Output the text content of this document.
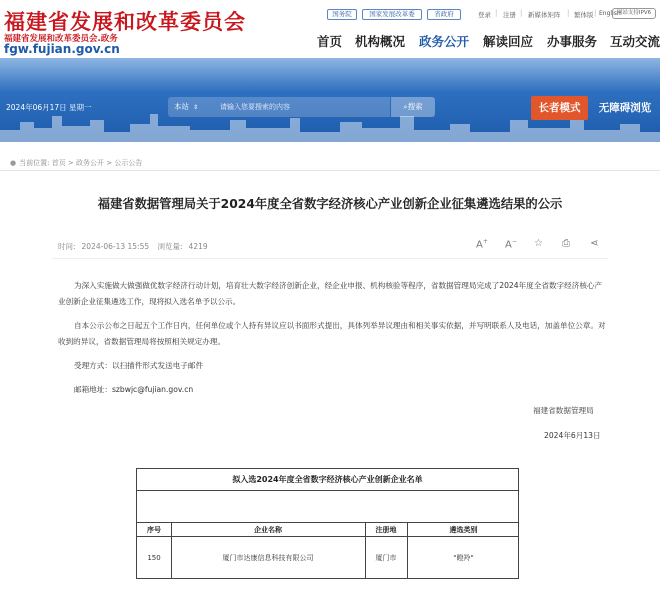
福建省发展和改革委员会
福建省发展和改革委员会.政务
fgw.fujian.gov.cn
国务院	国家发展改革委	省政府	登录 | 注册 | 新媒体矩阵 | 繁体版 | English
网站支持IPV6
首页 机构概况 政务公开 解读回应 办事服务 互动交流
2024年06月17日 星期一	本站 ⇕	请输入您要搜索的内容	⌕搜索	长者模式	无障碍浏览
● 当前位置: 首页 > 政务公开 > 公示公告
福建省数据管理局关于2024年度全省数字经济核心产业创新企业征集遴选结果的公示
时间: 2024-06-13 15:55 浏览量: 4219	A+ A− ☆ ⎙ ⋖
为深入实施做大做强做优数字经济行动计划，培育壮大数字经济创新企业，经企业申报、机构核验等程序，省数据管理局完成了2024年度全省数字经济核心产业创新企业征集遴选工作，现将拟入选名单予以公示。
自本公示公布之日起五个工作日内，任何单位或个人持有异议应以书面形式提出，具体列举异议理由和相关事实依据，并写明联系人及电话，加盖单位公章。对收到的异议，省数据管理局将按照相关规定办理。
受理方式：以扫描件形式发送电子邮件
邮箱地址：szbwjc@fujian.gov.cn
福建省数据管理局
2024年6月13日
拟入选2024年度全省数字经济核心产业创新企业名单
序号	企业名称	注册地	遴选类别
150	厦门市达康信息科技有限公司	厦门市	"瞪羚"
